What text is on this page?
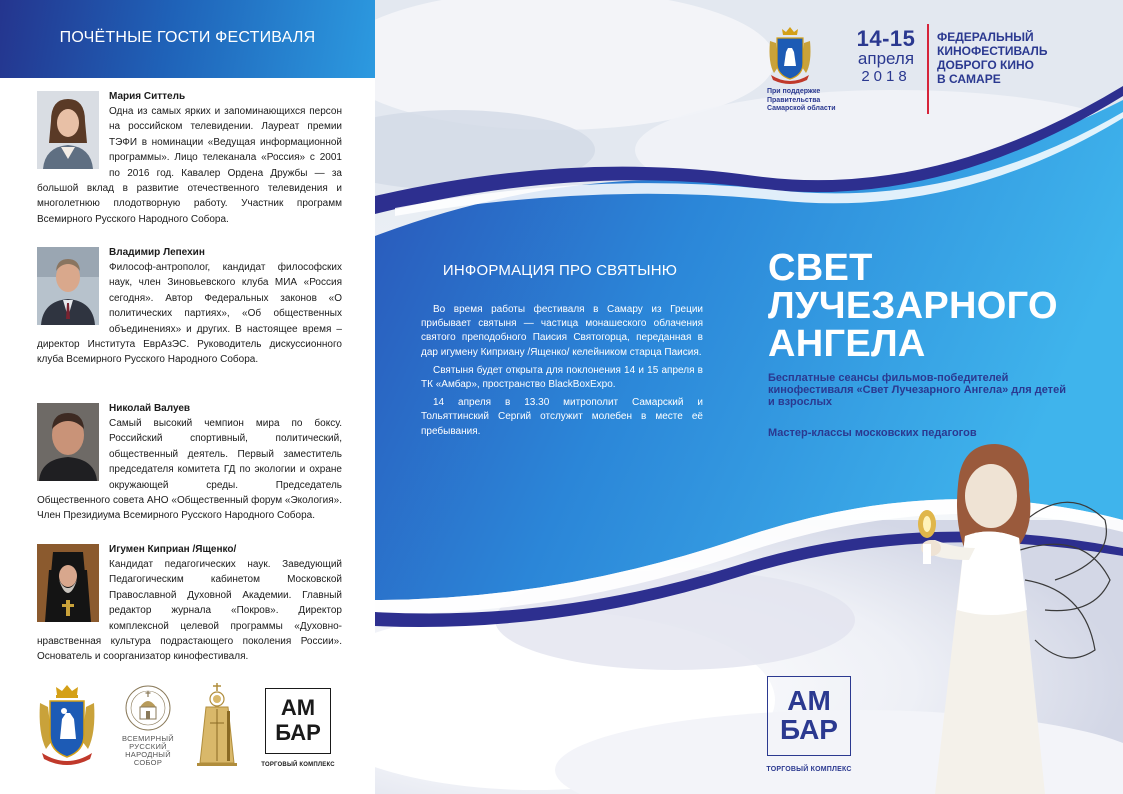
ПОЧЁТНЫЕ ГОСТИ ФЕСТИВАЛЯ
Мария Ситтель
Одна из самых ярких и запоминающихся персон на российском телевидении. Лауреат премии ТЭФИ в номинации «Ведущая информационной программы». Лицо телеканала «Россия» с 2001 по 2016 год. Кавалер Ордена Дружбы — за большой вклад в развитие отечественного телевидения и многолетнюю плодотворную работу. Участник программ Всемирного Русского Народного Собора.
Владимир Лепехин
Философ-антрополог, кандидат философских наук, член Зиновьевского клуба МИА «Россия сегодня». Автор Федеральных законов «О политических партиях», «Об общественных объединениях» и других. В настоящее время – директор Института ЕврАзЭС. Руководитель дискуссионного клуба Всемирного Русского Народного Собора.
Николай Валуев
Самый высокий чемпион мира по боксу. Российский спортивный, политический, общественный деятель. Первый заместитель председателя комитета ГД по экологии и охране окружающей среды. Председатель Общественного совета АНО «Общественный форум «Экология». Член Президиума Всемирного Русского Народного Собора.
Игумен Киприан /Ященко/
Кандидат педагогических наук. Заведующий Педагогическим кабинетом Московской Православной Духовной Академии. Главный редактор журнала «Покров». Директор комплексной целевой программы «Духовно-нравственная культура подрастающего поколения России». Основатель и соорганизатор кинофестиваля.
ВСЕМИРНЫЙ
РУССКИЙ
НАРОДНЫЙ
СОБОР
АМ
БАР
ТОРГОВЫЙ КОМПЛЕКС
При поддержке
Правительства
Самарской области
14-15
апреля
2018
ФЕДЕРАЛЬНЫЙ
КИНОФЕСТИВАЛЬ
ДОБРОГО КИНО
В САМАРЕ
ИНФОРМАЦИЯ ПРО СВЯТЫНЮ

Во время работы фестиваля в Самару из Греции прибывает святыня — частица монашеского облачения святого преподобного Паисия Святогорца, переданная в дар игумену Киприану /Ященко/ келейником старца Паисия.

Святыня будет открыта для поклонения 14 и 15 апреля в ТК «Амбар», пространство BlackBoxExpo.

14 апреля в 13.30 митрополит Самарский и Тольяттинский Сергий отслужит молебен в месте её пребывания.

СВЕТ
ЛУЧЕЗАРНОГО
АНГЕЛА
Бесплатные сеансы фильмов-победителей кинофестиваля «Свет Лучезарного Ангела» для детей и взрослых
Мастер-классы московских педагогов
АМ
БАР
ТОРГОВЫЙ КОМПЛЕКС
